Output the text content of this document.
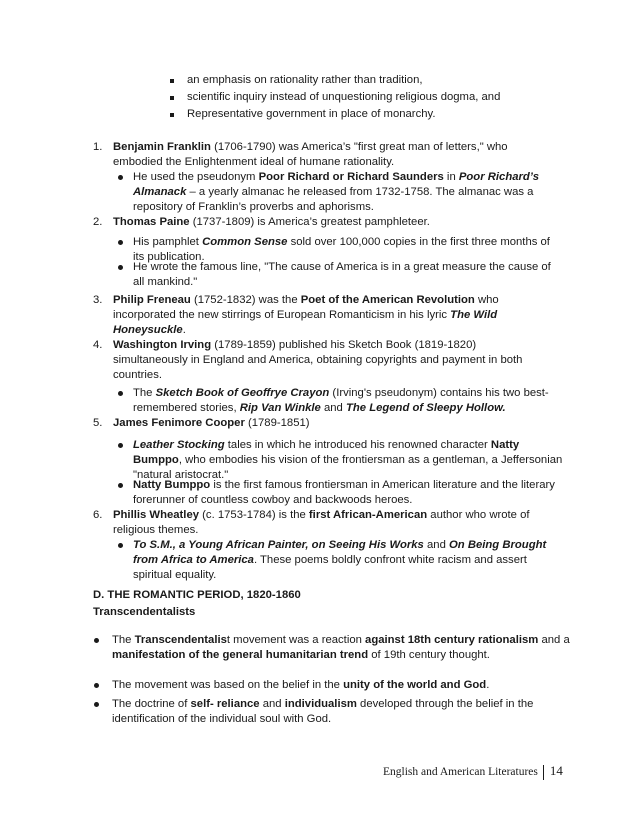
an emphasis on rationality rather than tradition,
scientific inquiry instead of unquestioning religious dogma, and
Representative government in place of monarchy.
1. Benjamin Franklin (1706-1790) was America’s "first great man of letters," who embodied the Enlightenment ideal of humane rationality.
He used the pseudonym Poor Richard or Richard Saunders in Poor Richard’s Almanack – a yearly almanac he released from 1732-1758. The almanac was a repository of Franklin’s proverbs and aphorisms.
2. Thomas Paine (1737-1809) is America’s greatest pamphleteer.
His pamphlet Common Sense sold over 100,000 copies in the first three months of its publication.
He wrote the famous line, "The cause of America is in a great measure the cause of all mankind."
3. Philip Freneau (1752-1832) was the Poet of the American Revolution who incorporated the new stirrings of European Romanticism in his lyric The Wild Honeysuckle.
4. Washington Irving (1789-1859) published his Sketch Book (1819-1820) simultaneously in England and America, obtaining copyrights and payment in both countries.
The Sketch Book of Geoffrye Crayon (Irving's pseudonym) contains his two best-remembered stories, Rip Van Winkle and The Legend of Sleepy Hollow.
5. James Fenimore Cooper (1789-1851)
Leather Stocking tales in which he introduced his renowned character Natty Bumppo, who embodies his vision of the frontiersman as a gentleman, a Jeffersonian "natural aristocrat."
Natty Bumppo is the first famous frontiersman in American literature and the literary forerunner of countless cowboy and backwoods heroes.
6. Phillis Wheatley (c. 1753-1784) is the first African-American author who wrote of religious themes.
To S.M., a Young African Painter, on Seeing His Works and On Being Brought from Africa to America. These poems boldly confront white racism and assert spiritual equality.
D. THE ROMANTIC PERIOD, 1820-1860
Transcendentalists
The Transcendentalist movement was a reaction against 18th century rationalism and a manifestation of the general humanitarian trend of 19th century thought.
The movement was based on the belief in the unity of the world and God.
The doctrine of self- reliance and individualism developed through the belief in the identification of the individual soul with God.
English and American Literatures 14
